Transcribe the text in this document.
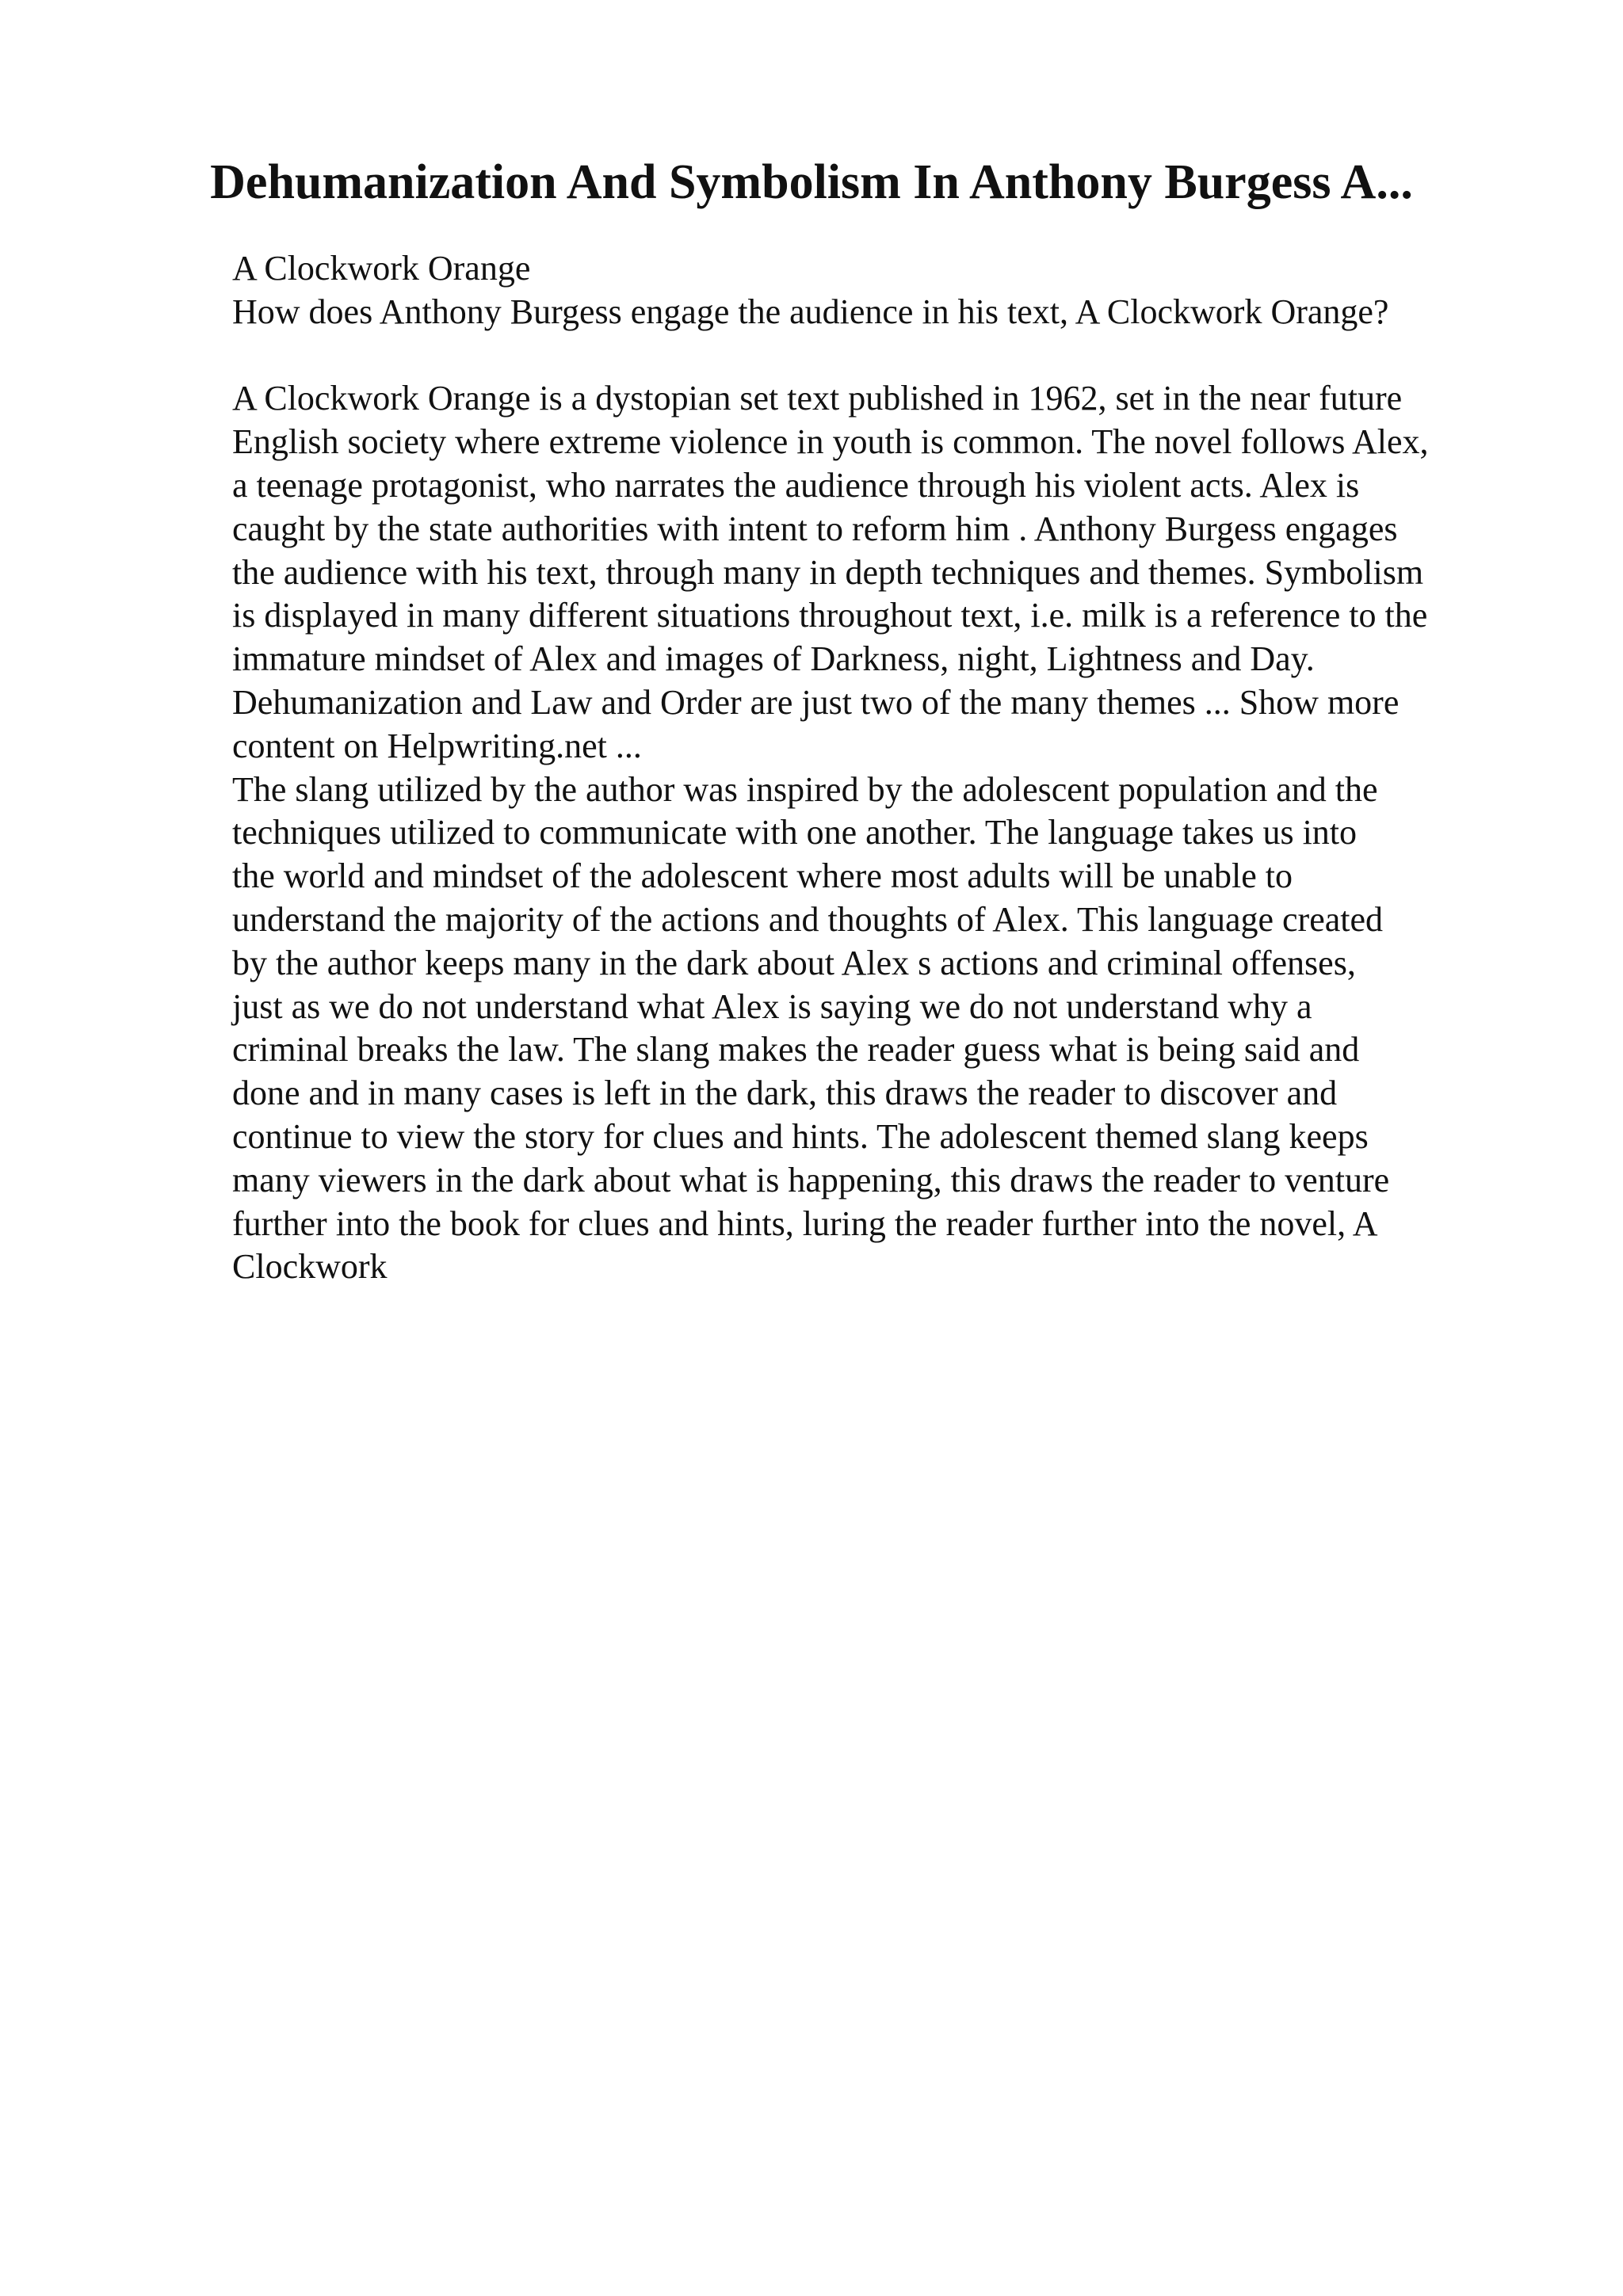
Dehumanization And Symbolism In Anthony Burgess A...
A Clockwork Orange
How does Anthony Burgess engage the audience in his text, A Clockwork Orange?
A Clockwork Orange is a dystopian set text published in 1962, set in the near future
English society where extreme violence in youth is common. The novel follows Alex,
a teenage protagonist, who narrates the audience through his violent acts. Alex is
caught by the state authorities with intent to reform him . Anthony Burgess engages
the audience with his text, through many in depth techniques and themes. Symbolism
is displayed in many different situations throughout text, i.e. milk is a reference to the
immature mindset of Alex and images of Darkness, night, Lightness and Day.
Dehumanization and Law and Order are just two of the many themes ... Show more
content on Helpwriting.net ...
The slang utilized by the author was inspired by the adolescent population and the
techniques utilized to communicate with one another. The language takes us into
the world and mindset of the adolescent where most adults will be unable to
understand the majority of the actions and thoughts of Alex. This language created
by the author keeps many in the dark about Alex s actions and criminal offenses,
just as we do not understand what Alex is saying we do not understand why a
criminal breaks the law. The slang makes the reader guess what is being said and
done and in many cases is left in the dark, this draws the reader to discover and
continue to view the story for clues and hints. The adolescent themed slang keeps
many viewers in the dark about what is happening, this draws the reader to venture
further into the book for clues and hints, luring the reader further into the novel, A
Clockwork
